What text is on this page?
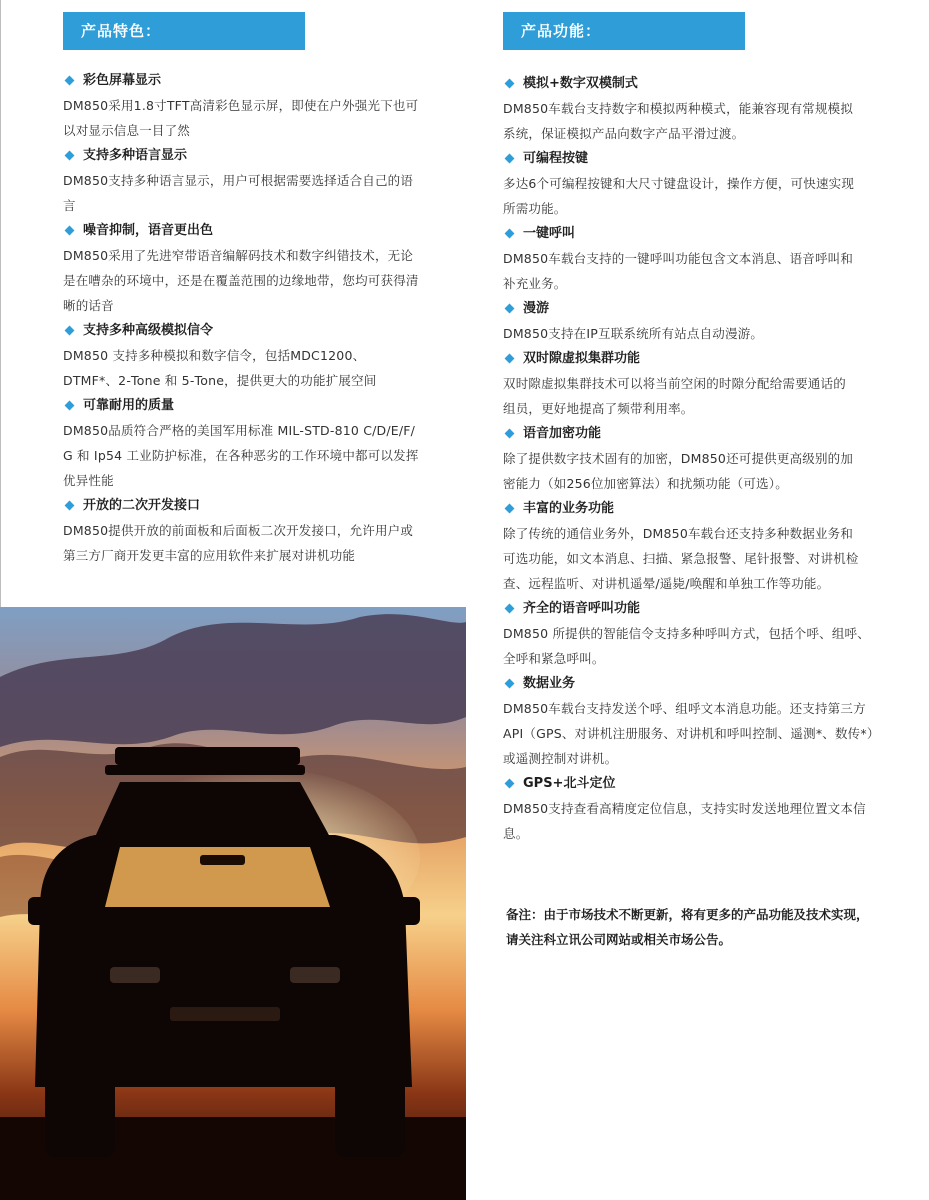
产品特色：
彩色屏幕显示
DM850采用1.8寸TFT高清彩色显示屏，即使在户外强光下也可
以对显示信息一目了然
支持多种语言显示
DM850支持多种语言显示，用户可根据需要选择适合自己的语
言
噪音抑制，语音更出色
DM850采用了先进窄带语音编解码技术和数字纠错技术，无论
是在嘈杂的环境中，还是在覆盖范围的边缘地带，您均可获得清
晰的话音
支持多种高级模拟信令
DM850 支持多种模拟和数字信令，包括MDC1200、
DTMF*、2-Tone 和 5-Tone，提供更大的功能扩展空间
可靠耐用的质量
DM850品质符合严格的美国军用标准 MIL-STD-810 C/D/E/F/
G 和 Ip54 工业防护标准，在各种恶劣的工作环境中都可以发挥
优异性能
开放的二次开发接口
DM850提供开放的前面板和后面板二次开发接口，允许用户或
第三方厂商开发更丰富的应用软件来扩展对讲机功能
产品功能：
模拟+数字双模制式
DM850车载台支持数字和模拟两种模式，能兼容现有常规模拟
系统，保证模拟产品向数字产品平滑过渡。
可编程按键
多达6个可编程按键和大尺寸键盘设计，操作方便，可快速实现
所需功能。
一键呼叫
DM850车载台支持的一键呼叫功能包含文本消息、语音呼叫和
补充业务。
漫游
DM850支持在IP互联系统所有站点自动漫游。
双时隙虚拟集群功能
双时隙虚拟集群技术可以将当前空闲的时隙分配给需要通话的
组员，更好地提高了频带利用率。
语音加密功能
除了提供数字技术固有的加密，DM850还可提供更高级别的加
密能力（如256位加密算法）和扰频功能（可选）。
丰富的业务功能
除了传统的通信业务外，DM850车载台还支持多种数据业务和
可选功能，如文本消息、扫描、紧急报警、尾针报警、对讲机检
查、远程监听、对讲机遥晕/遥毙/唤醒和单独工作等功能。
齐全的语音呼叫功能
DM850 所提供的智能信令支持多种呼叫方式，包括个呼、组呼、
全呼和紧急呼叫。
数据业务
DM850车载台支持发送个呼、组呼文本消息功能。还支持第三方
API（GPS、对讲机注册服务、对讲机和呼叫控制、遥测*、数传*）
或遥测控制对讲机。
GPS+北斗定位
DM850支持查看高精度定位信息，支持实时发送地理位置文本信
息。
备注：由于市场技术不断更新，将有更多的产品功能及技术实现，
请关注科立讯公司网站或相关市场公告。
